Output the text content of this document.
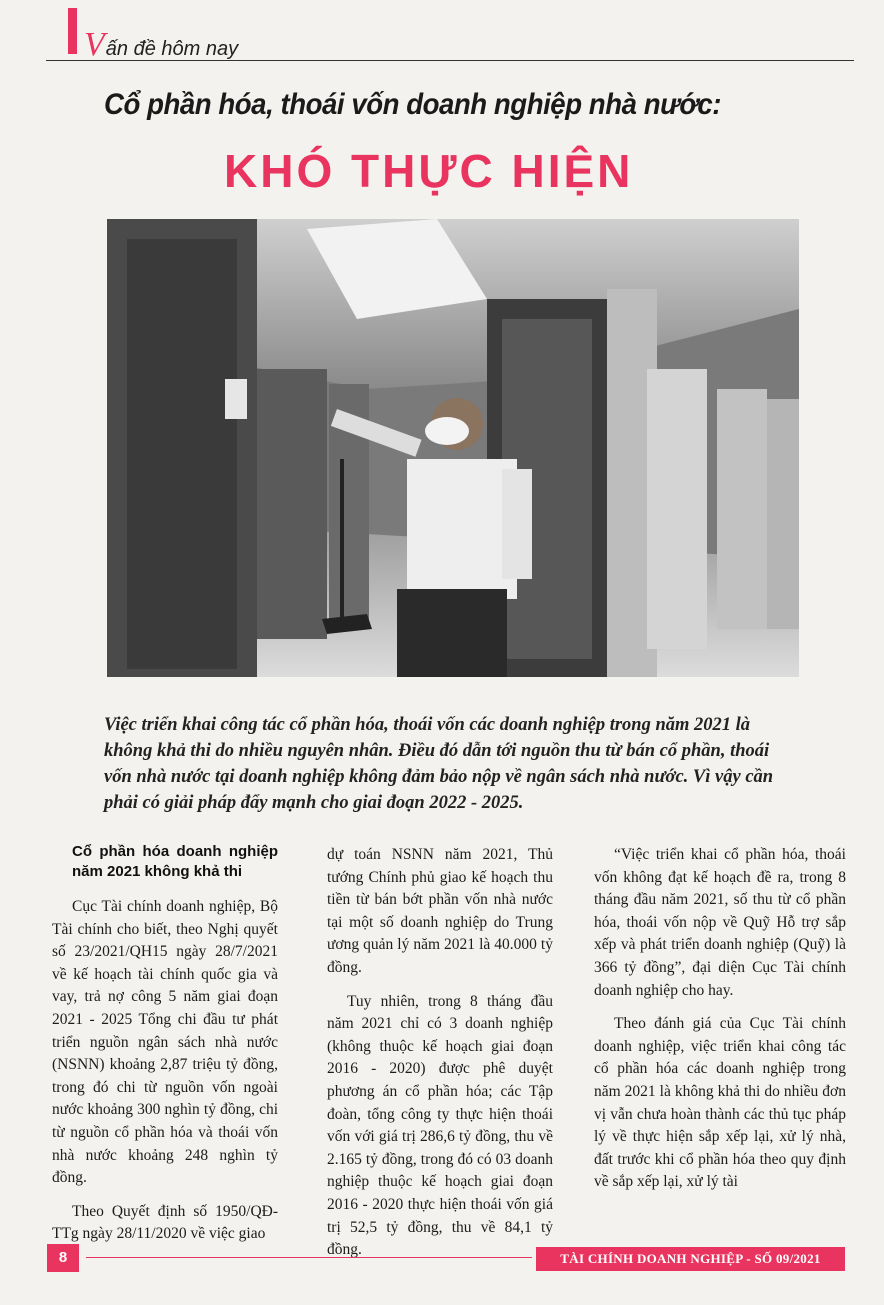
Vấn đề hôm nay
Cổ phần hóa, thoái vốn doanh nghiệp nhà nước:
KHÓ THỰC HIỆN
Việc triển khai công tác cổ phần hóa, thoái vốn các doanh nghiệp trong năm 2021 là không khả thi do nhiều nguyên nhân. Điều đó dẫn tới nguồn thu từ bán cổ phần, thoái vốn nhà nước tại doanh nghiệp không đảm bảo nộp về ngân sách nhà nước. Vì vậy cần phải có giải pháp đẩy mạnh cho giai đoạn 2022 - 2025.
Cổ phần hóa doanh nghiệp năm 2021 không khả thi

Cục Tài chính doanh nghiệp, Bộ Tài chính cho biết, theo Nghị quyết số 23/2021/QH15 ngày 28/7/2021 về kế hoạch tài chính quốc gia và vay, trả nợ công 5 năm giai đoạn 2021 - 2025 Tổng chi đầu tư phát triển nguồn ngân sách nhà nước (NSNN) khoảng 2,87 triệu tỷ đồng, trong đó chi từ nguồn vốn ngoài nước khoảng 300 nghìn tỷ đồng, chi từ nguồn cổ phần hóa và thoái vốn nhà nước khoảng 248 nghìn tỷ đồng.

Theo Quyết định số 1950/QĐ-TTg ngày 28/11/2020 về việc giao

dự toán NSNN năm 2021, Thủ tướng Chính phủ giao kế hoạch thu tiền từ bán bớt phần vốn nhà nước tại một số doanh nghiệp do Trung ương quản lý năm 2021 là 40.000 tỷ đồng.

Tuy nhiên, trong 8 tháng đầu năm 2021 chỉ có 3 doanh nghiệp (không thuộc kế hoạch giai đoạn 2016 - 2020) được phê duyệt phương án cổ phần hóa; các Tập đoàn, tổng công ty thực hiện thoái vốn với giá trị 286,6 tỷ đồng, thu về 2.165 tỷ đồng, trong đó có 03 doanh nghiệp thuộc kế hoạch giai đoạn 2016 - 2020 thực hiện thoái vốn giá trị 52,5 tỷ đồng, thu về 84,1 tỷ đồng.

“Việc triển khai cổ phần hóa, thoái vốn không đạt kế hoạch đề ra, trong 8 tháng đầu năm 2021, số thu từ cổ phần hóa, thoái vốn nộp về Quỹ Hỗ trợ sắp xếp và phát triển doanh nghiệp (Quỹ) là 366 tỷ đồng”, đại diện Cục Tài chính doanh nghiệp cho hay.

Theo đánh giá của Cục Tài chính doanh nghiệp, việc triển khai công tác cổ phần hóa các doanh nghiệp trong năm 2021 là không khả thi do nhiều đơn vị vẫn chưa hoàn thành các thủ tục pháp lý về thực hiện sắp xếp lại, xử lý nhà, đất trước khi cổ phần hóa theo quy định về sắp xếp lại, xử lý tài

8	TÀI CHÍNH DOANH NGHIỆP - SỐ 09/2021
